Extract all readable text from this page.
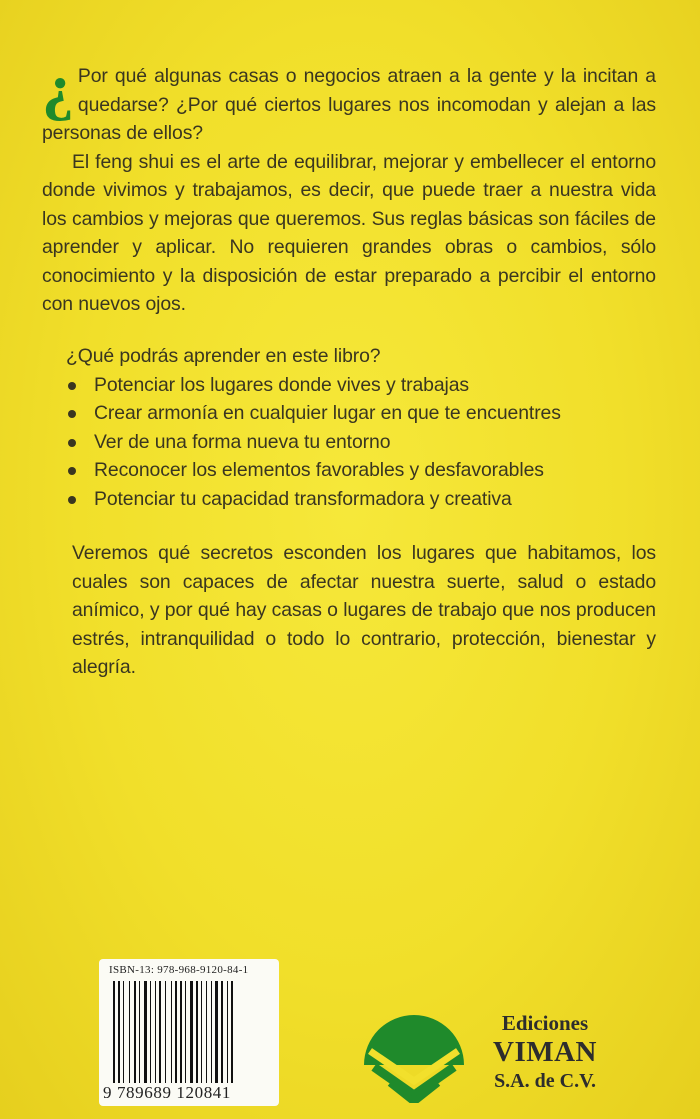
¿ Por qué algunas casas o negocios atraen a la gente y la incitan a quedarse? ¿Por qué ciertos lugares nos incomodan y alejan a las personas de ellos?

El feng shui es el arte de equilibrar, mejorar y embellecer el entorno donde vivimos y trabajamos, es decir, que puede traer a nuestra vida los cambios y mejoras que queremos. Sus reglas básicas son fáciles de aprender y aplicar. No requieren grandes obras o cambios, sólo conocimiento y la disposición de estar preparado a percibir el entorno con nuevos ojos.

¿Qué podrás aprender en este libro?

Potenciar los lugares donde vives y trabajas
Crear armonía en cualquier lugar en que te encuentres
Ver de una forma nueva tu entorno
Reconocer los elementos favorables y desfavorables
Potenciar tu capacidad transformadora y creativa

Veremos qué secretos esconden los lugares que habitamos, los cuales son capaces de afectar nuestra suerte, salud o estado anímico, y por qué hay casas o lugares de trabajo que nos producen estrés, intranquilidad o todo lo contrario, protección, bienestar y alegría.

ISBN-13: 978-968-9120-84-1
9 789689 120841
Ediciones
VIMAN
S.A. de C.V.
